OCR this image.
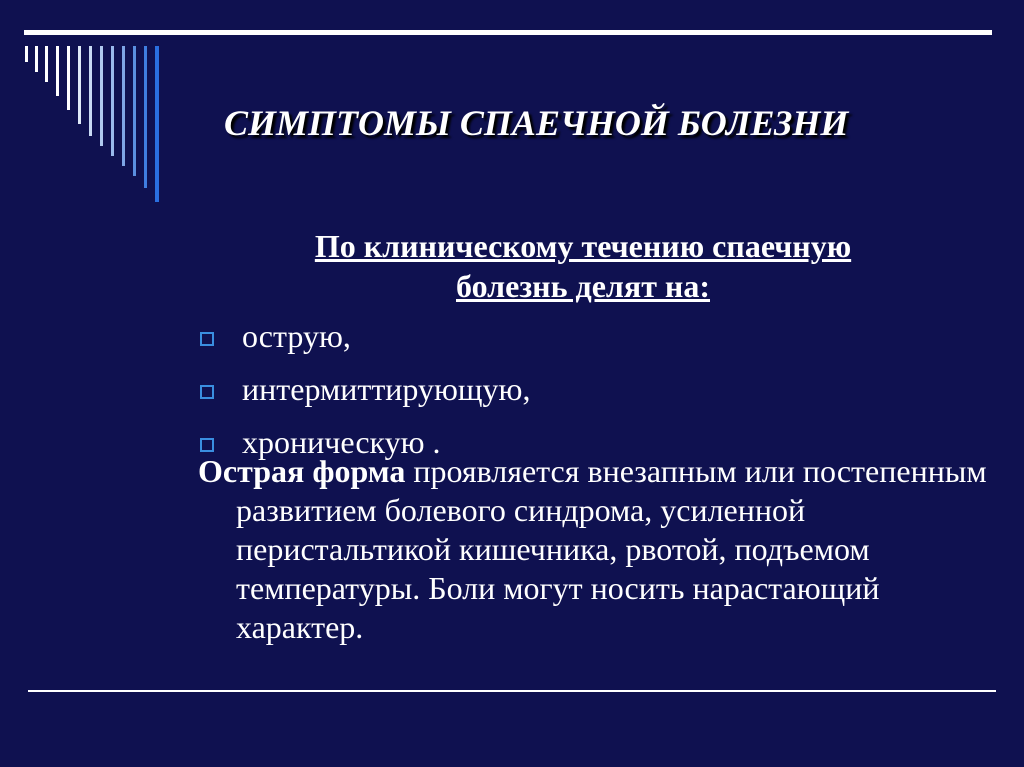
СИМПТОМЫ СПАЕЧНОЙ БОЛЕЗНИ
По клиническому течению спаечную
болезнь делят на:
острую,
интермиттирующую,
хроническую .

Острая форма проявляется внезапным или постепенным развитием болевого синдрома, усиленной перистальтикой кишечника, рвотой, подъемом температуры. Боли могут носить нарастающий характер.
